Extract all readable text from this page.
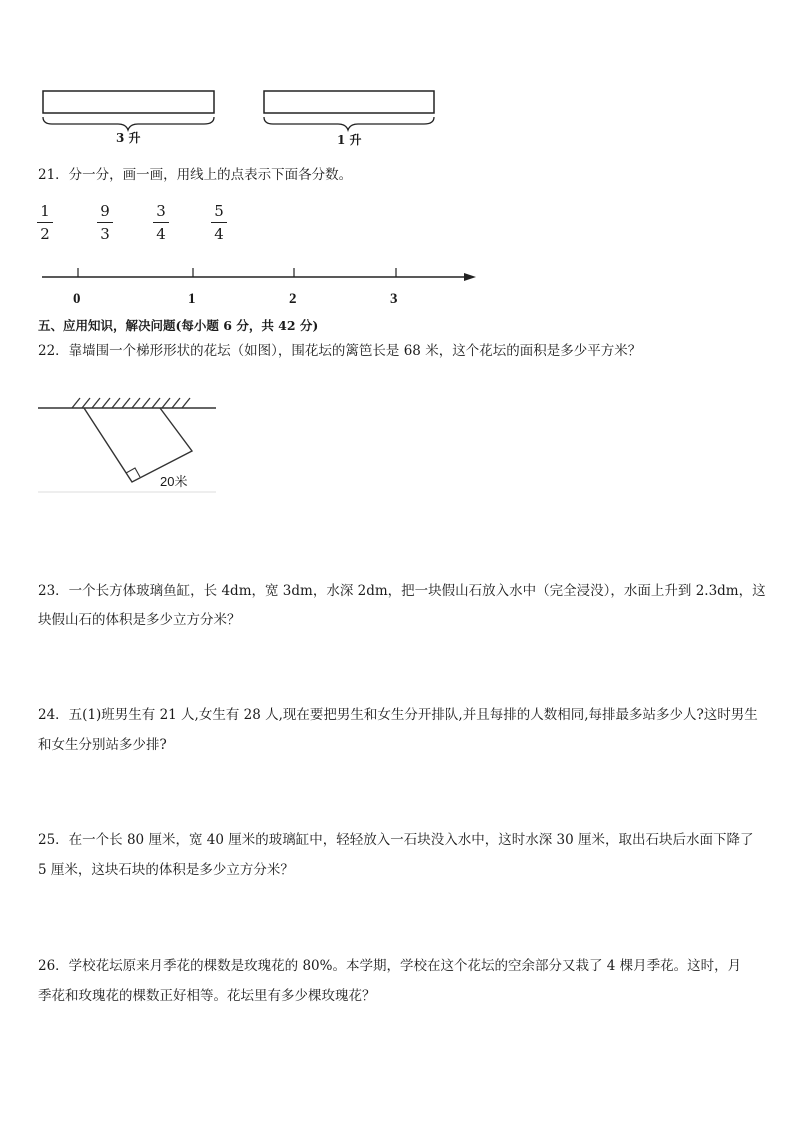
3 升	1 升
21．分一分，画一画，用线上的点表示下面各分数。
1
2
9
3
3
4
5
4
0	1	2	3
五、应用知识，解决问题(每小题 6 分，共 42 分)
22．靠墙围一个梯形形状的花坛（如图），围花坛的篱笆长是 68 米，这个花坛的面积是多少平方米？
20米
23．一个长方体玻璃鱼缸，长 4dm，宽 3dm，水深 2dm，把一块假山石放入水中（完全浸没），水面上升到 2.3dm，这
块假山石的体积是多少立方分米？
24．五(1)班男生有 21 人,女生有 28 人,现在要把男生和女生分开排队,并且每排的人数相同,每排最多站多少人?这时男生
和女生分别站多少排?
25．在一个长 80 厘米，宽 40 厘米的玻璃缸中，轻轻放入一石块没入水中，这时水深 30 厘米，取出石块后水面下降了
5 厘米，这块石块的体积是多少立方分米？
26．学校花坛原来月季花的棵数是玫瑰花的 80%。本学期，学校在这个花坛的空余部分又栽了 4 棵月季花。这时，月
季花和玫瑰花的棵数正好相等。花坛里有多少棵玫瑰花？
